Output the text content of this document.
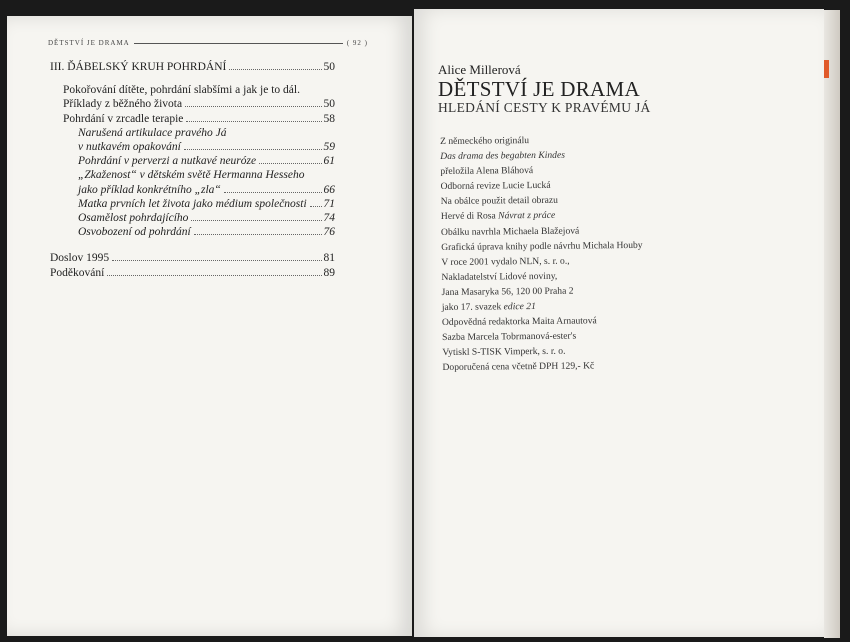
DĚTSTVÍ JE DRAMA	( 92 )
III. ĎÁBELSKÝ KRUH POHRDÁNÍ	50
Pokořování dítěte, pohrdání slabšími a jak je to dál.
Příklady z běžného života	50
Pohrdání v zrcadle terapie	58
Narušená artikulace pravého Já
v nutkavém opakování	59
Pohrdání v perverzi a nutkavé neuróze	61
„Zkaženost“ v dětském světě Hermanna Hesseho
jako příklad konkrétního „zla“	66
Matka prvních let života jako médium společnosti 71
Osamělost pohrdajícího	74
Osvobození od pohrdání	76
Doslov 1995	81
Poděkování	89
Alice Millerová
DĚTSTVÍ JE DRAMA
HLEDÁNÍ CESTY K PRAVÉMU JÁ
Z německého originálu
Das drama des begabten Kindes
přeložila Alena Bláhová
Odborná revize Lucie Lucká
Na obálce použit detail obrazu
Hervé di Rosa Návrat z práce
Obálku navrhla Michaela Blažejová
Grafická úprava knihy podle návrhu Michala Houby
V roce 2001 vydalo NLN, s. r. o.,
Nakladatelství Lidové noviny,
Jana Masaryka 56, 120 00 Praha 2
jako 17. svazek edice 21
Odpovědná redaktorka Maita Arnautová
Sazba Marcela Tobrmanová-ester's
Vytiskl S-TISK Vimperk, s. r. o.
Doporučená cena včetně DPH 129,- Kč
